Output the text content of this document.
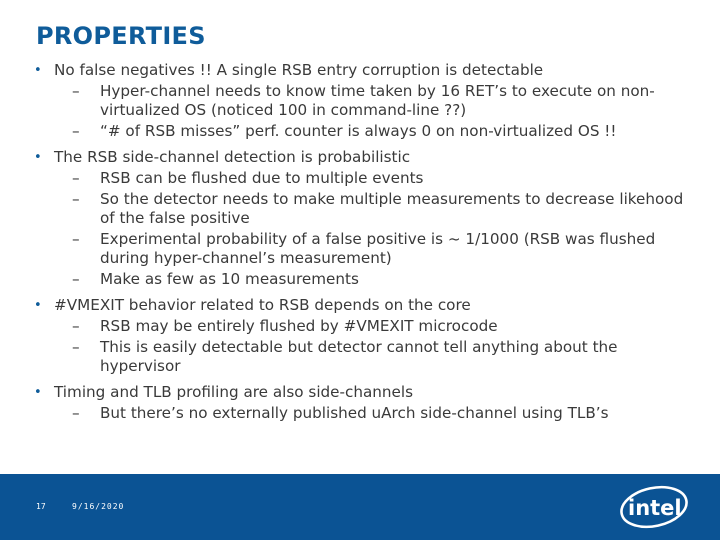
PROPERTIES
• No false negatives !! A single RSB entry corruption is detectable
– Hyper-channel needs to know time taken by 16 RET’s to execute on non-virtualized OS (noticed 100 in command-line ??)
– “# of RSB misses” perf. counter is always 0 on non-virtualized OS !!
• The RSB side-channel detection is probabilistic
– RSB can be flushed due to multiple events
– So the detector needs to make multiple measurements to decrease likehood of the false positive
– Experimental probability of a false positive is ~ 1/1000 (RSB was flushed during hyper-channel’s measurement)
– Make as few as 10 measurements
• #VMEXIT behavior related to RSB depends on the core
– RSB may be entirely flushed by #VMEXIT microcode
– This is easily detectable but detector cannot tell anything about the hypervisor
• Timing and TLB profiling are also side-channels
– But there’s no externally published uArch side-channel using TLB’s
17	9/16/2020	intel
